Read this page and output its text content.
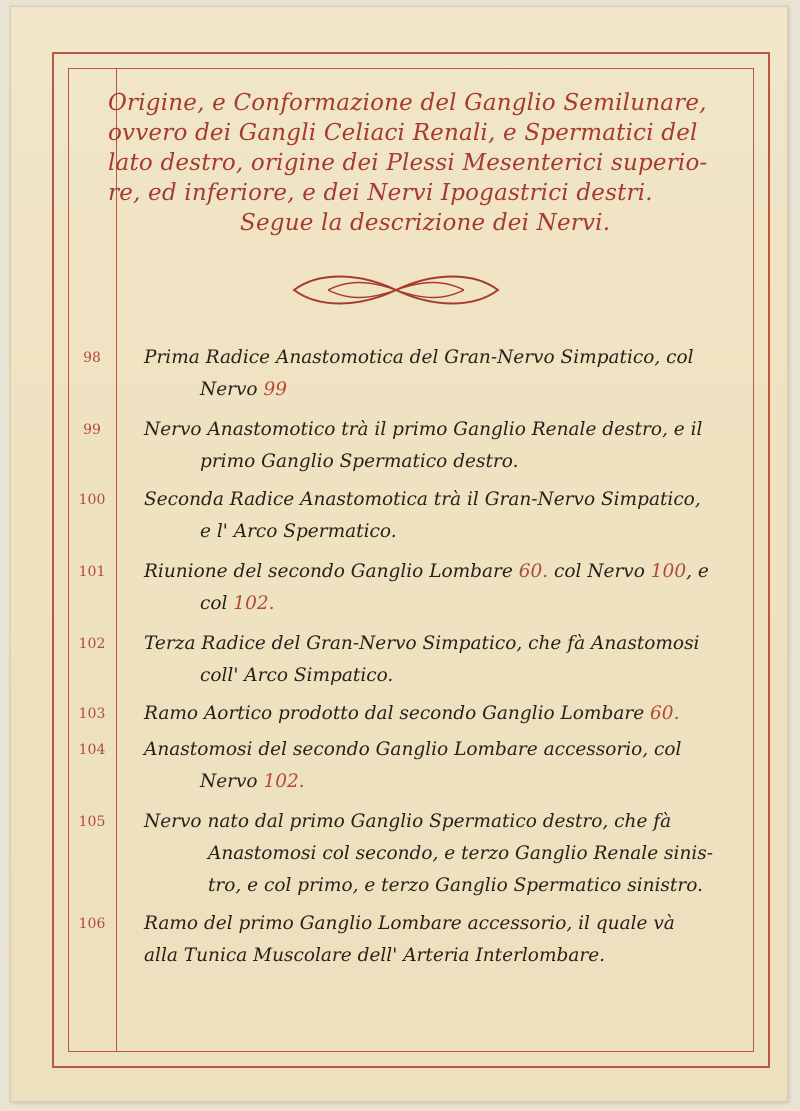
Origine, e Conformazione del Ganglio Semilunare,
ovvero dei Gangli Celiaci Renali, e Spermatici del
lato destro, origine dei Plessi Mesenterici superio-
re, ed inferiore, e dei Nervi Ipogastrici destri.
Segue la descrizione dei Nervi.
98	Prima Radice Anastomotica del Gran-Nervo Simpatico, col
Nervo 99
99	Nervo Anastomotico trà il primo Ganglio Renale destro, e il
primo Ganglio Spermatico destro.
100	Seconda Radice Anastomotica trà il Gran-Nervo Simpatico,
e l' Arco Spermatico.
101	Riunione del secondo Ganglio Lombare 60. col Nervo 100, e
col 102.
102	Terza Radice del Gran-Nervo Simpatico, che fà Anastomosi
coll' Arco Simpatico.
103	Ramo Aortico prodotto dal secondo Ganglio Lombare 60.
104	Anastomosi del secondo Ganglio Lombare accessorio, col
Nervo 102.
105	Nervo nato dal primo Ganglio Spermatico destro, che fà
Anastomosi col secondo, e terzo Ganglio Renale sinis-
tro, e col primo, e terzo Ganglio Spermatico sinistro.
106	Ramo del primo Ganglio Lombare accessorio, il quale và
alla Tunica Muscolare dell' Arteria Interlombare.
